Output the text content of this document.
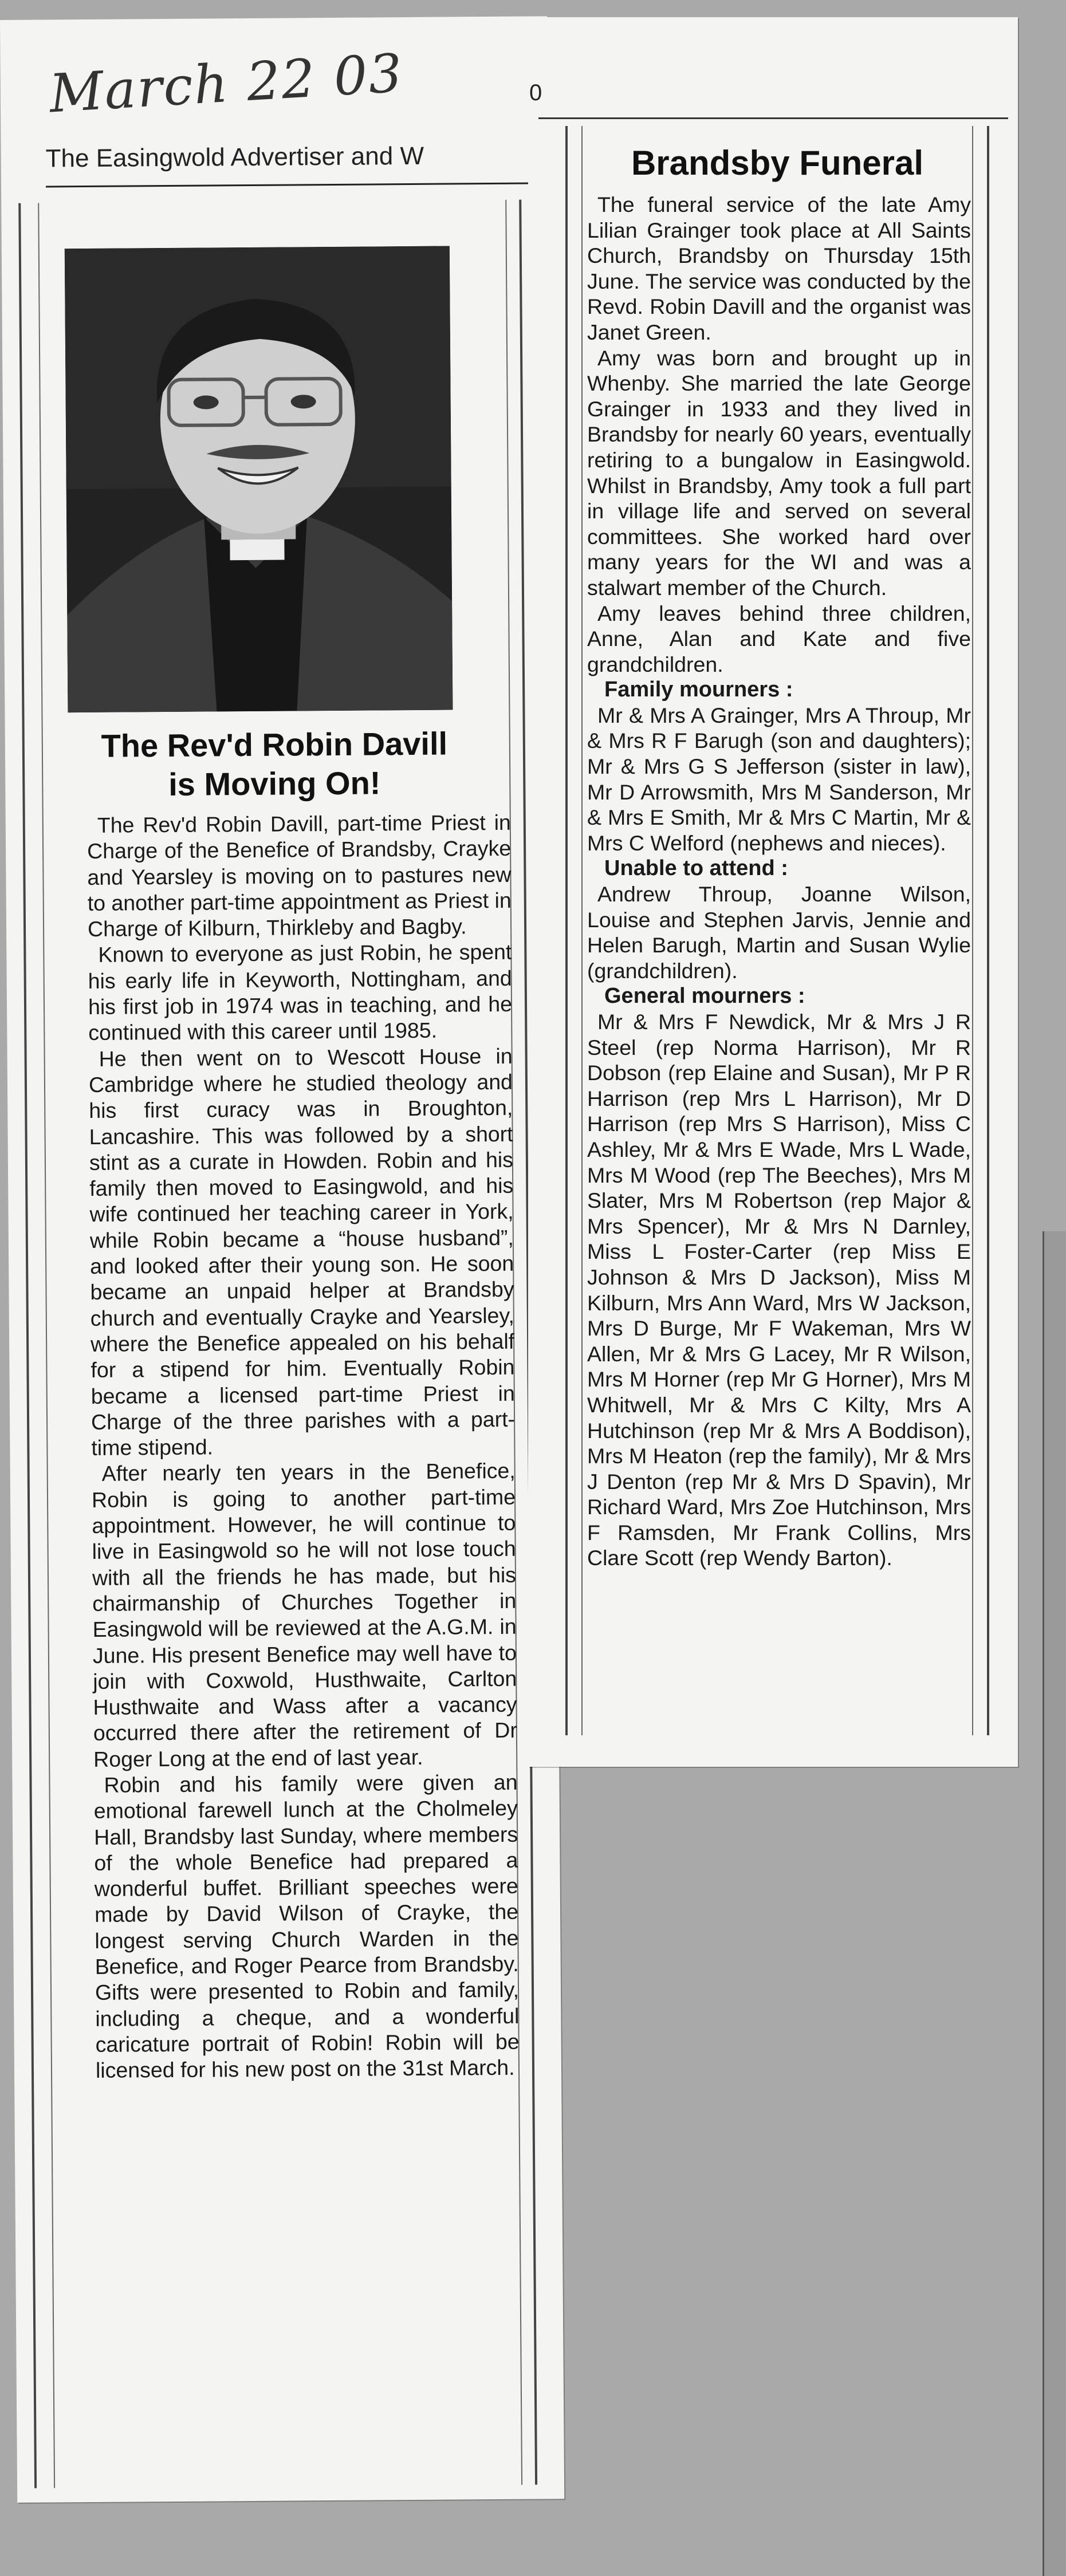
March 22 03
The Easingwold Advertiser and W
The Rev'd Robin Davill
is Moving On!

The Rev'd Robin Davill, part-time Priest in Charge of the Benefice of Brandsby, Crayke and Yearsley is moving on to pastures new to another part-time appointment as Priest in Charge of Kilburn, Thirkleby and Bagby.

Known to everyone as just Robin, he spent his early life in Keyworth, Nottingham, and his first job in 1974 was in teaching, and he continued with this career until 1985.

He then went on to Wescott House in Cambridge where he studied theology and his first curacy was in Broughton, Lancashire. This was followed by a short stint as a curate in Howden. Robin and his family then moved to Easingwold, and his wife continued her teaching career in York, while Robin became a “house husband”, and looked after their young son. He soon became an unpaid helper at Brandsby church and eventually Crayke and Yearsley, where the Benefice appealed on his behalf for a stipend for him. Eventually Robin became a licensed part-time Priest in Charge of the three parishes with a part-time stipend.

After nearly ten years in the Benefice, Robin is going to another part-time appointment. However, he will continue to live in Easingwold so he will not lose touch with all the friends he has made, but his chairmanship of Churches Together in Easingwold will be reviewed at the A.G.M. in June. His present Benefice may well have to join with Coxwold, Husthwaite, Carlton Husthwaite and Wass after a vacancy occurred there after the retirement of Dr Roger Long at the end of last year.

Robin and his family were given an emotional farewell lunch at the Cholmeley Hall, Brandsby last Sunday, where members of the whole Benefice had prepared a wonderful buffet. Brilliant speeches were made by David Wilson of Crayke, the longest serving Church Warden in the Benefice, and Roger Pearce from Brandsby. Gifts were presented to Robin and family, including a cheque, and a wonderful caricature portrait of Robin! Robin will be licensed for his new post on the 31st March.

0
Brandsby Funeral

The funeral service of the late Amy Lilian Grainger took place at All Saints Church, Brandsby on Thursday 15th June. The service was conducted by the Revd. Robin Davill and the organist was Janet Green.

Amy was born and brought up in Whenby. She married the late George Grainger in 1933 and they lived in Brandsby for nearly 60 years, eventually retiring to a bungalow in Easingwold. Whilst in Brandsby, Amy took a full part in village life and served on several committees. She worked hard over many years for the WI and was a stalwart member of the Church.

Amy leaves behind three children, Anne, Alan and Kate and five grandchildren.

Family mourners :

Mr & Mrs A Grainger, Mrs A Throup, Mr & Mrs R F Barugh (son and daughters); Mr & Mrs G S Jefferson (sister in law), Mr D Arrowsmith, Mrs M Sanderson, Mr & Mrs E Smith, Mr & Mrs C Martin, Mr & Mrs C Welford (nephews and nieces).

Unable to attend :

Andrew Throup, Joanne Wilson, Louise and Stephen Jarvis, Jennie and Helen Barugh, Martin and Susan Wylie (grandchildren).

General mourners :

Mr & Mrs F Newdick, Mr & Mrs J R Steel (rep Norma Harrison), Mr R Dobson (rep Elaine and Susan), Mr P R Harrison (rep Mrs L Harrison), Mr D Harrison (rep Mrs S Harrison), Miss C Ashley, Mr & Mrs E Wade, Mrs L Wade, Mrs M Wood (rep The Beeches), Mrs M Slater, Mrs M Robertson (rep Major & Mrs Spencer), Mr & Mrs N Darnley, Miss L Foster-Carter (rep Miss E Johnson & Mrs D Jackson), Miss M Kilburn, Mrs Ann Ward, Mrs W Jackson, Mrs D Burge, Mr F Wakeman, Mrs W Allen, Mr & Mrs G Lacey, Mr R Wilson, Mrs M Horner (rep Mr G Horner), Mrs M Whitwell, Mr & Mrs C Kilty, Mrs A Hutchinson (rep Mr & Mrs A Boddison), Mrs M Heaton (rep the family), Mr & Mrs J Denton (rep Mr & Mrs D Spavin), Mr Richard Ward, Mrs Zoe Hutchinson, Mrs F Ramsden, Mr Frank Collins, Mrs Clare Scott (rep Wendy Barton).
